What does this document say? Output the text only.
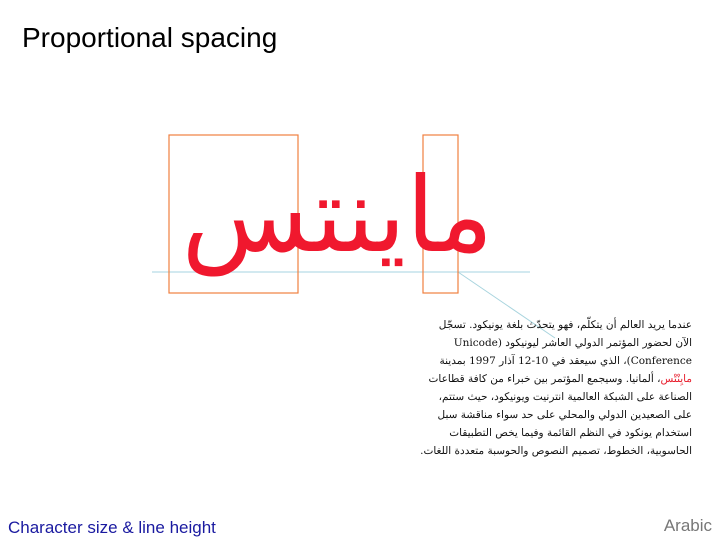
Proportional spacing
ماينتس
عندما يريد العالم أن يتكلّم، فهو يتحدّث بلغة يونيكود. تسجّل الآن لحضور المؤتمر الدولي العاشر ليونيكود (Unicode Conference)، الذي سيعقد في 10-12 آذار 1997 بمدينة مايِنْتْس، ألمانيا. وسيجمع المؤتمر بين خبراء من كافة قطاعات الصناعة على الشبكة العالمية انترنيت ويونيكود، حيث ستتم، على الصعيدين الدولي والمحلي على حد سواء مناقشة سبل استخدام يونكود في النظم القائمة وفيما يخص التطبيقات الحاسوبية، الخطوط، تصميم النصوص والحوسبة متعددة اللغات.
Character size & line height	Arabic
